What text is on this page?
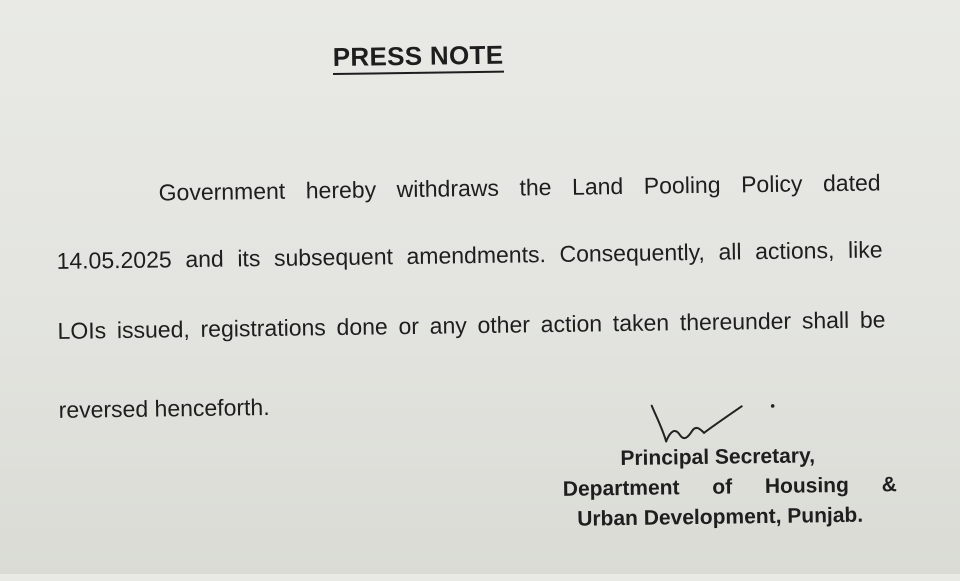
PRESS NOTE

Government hereby withdraws the Land Pooling Policy dated

14.05.2025 and its subsequent amendments. Consequently, all actions, like

LOIs issued, registrations done or any other action taken thereunder shall be

reversed henceforth.

Principal Secretary,
Department of Housing &
Urban Development, Punjab.
